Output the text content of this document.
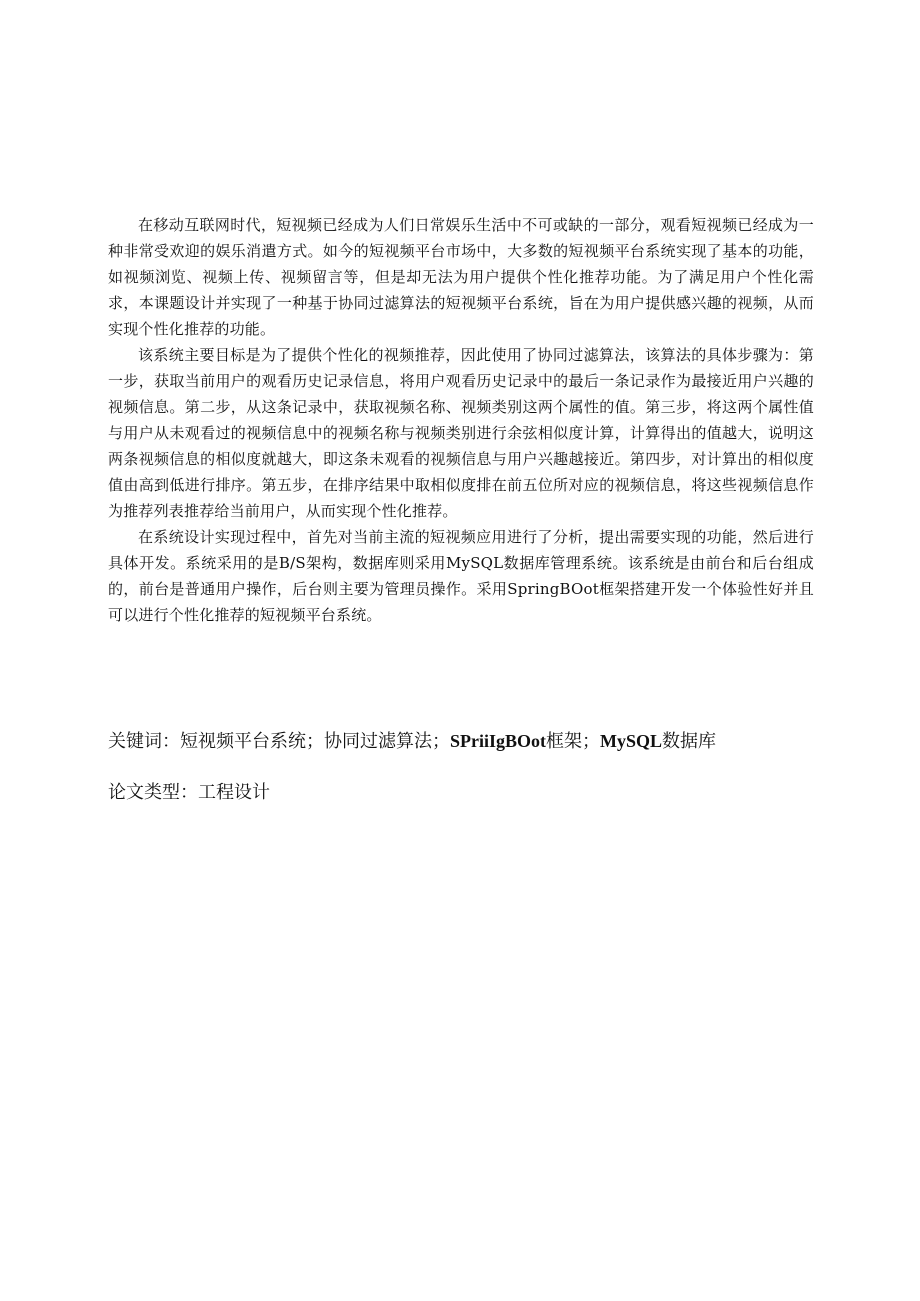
在移动互联网时代，短视频已经成为人们日常娱乐生活中不可或缺的一部分，观看短视频已经成为一种非常受欢迎的娱乐消遣方式。如今的短视频平台市场中，大多数的短视频平台系统实现了基本的功能，如视频浏览、视频上传、视频留言等，但是却无法为用户提供个性化推荐功能。为了满足用户个性化需求，本课题设计并实现了一种基于协同过滤算法的短视频平台系统，旨在为用户提供感兴趣的视频，从而实现个性化推荐的功能。

该系统主要目标是为了提供个性化的视频推荐，因此使用了协同过滤算法，该算法的具体步骤为：第一步，获取当前用户的观看历史记录信息，将用户观看历史记录中的最后一条记录作为最接近用户兴趣的视频信息。第二步，从这条记录中，获取视频名称、视频类别这两个属性的值。第三步，将这两个属性值与用户从未观看过的视频信息中的视频名称与视频类别进行余弦相似度计算，计算得出的值越大，说明这两条视频信息的相似度就越大，即这条未观看的视频信息与用户兴趣越接近。第四步，对计算出的相似度值由高到低进行排序。第五步，在排序结果中取相似度排在前五位所对应的视频信息，将这些视频信息作为推荐列表推荐给当前用户，从而实现个性化推荐。

在系统设计实现过程中，首先对当前主流的短视频应用进行了分析，提出需要实现的功能，然后进行具体开发。系统采用的是B/S架构，数据库则采用MySQL数据库管理系统。该系统是由前台和后台组成的，前台是普通用户操作，后台则主要为管理员操作。采用SpringBOot框架搭建开发一个体验性好并且可以进行个性化推荐的短视频平台系统。

关键词：短视频平台系统；协同过滤算法；SPriiIgBOot框架；MySQL数据库
论文类型：工程设计
